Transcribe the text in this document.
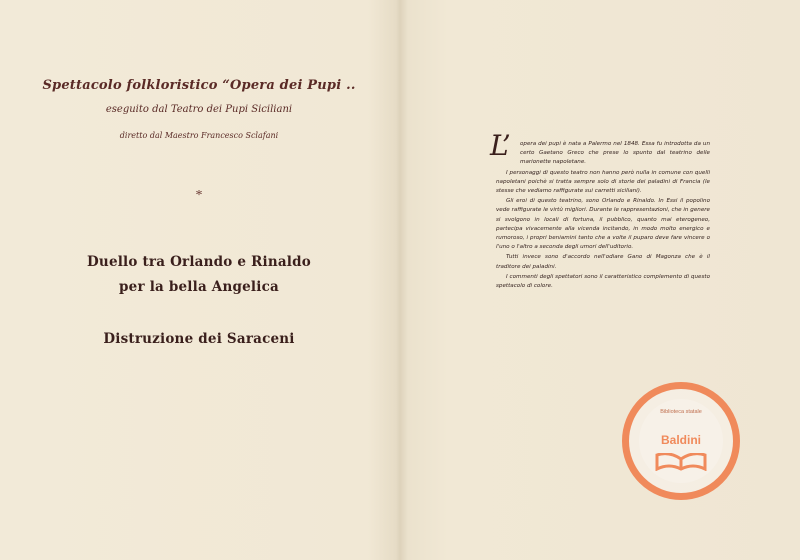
Spettacolo folkloristico “Opera dei Pupi ..
eseguito dal Teatro dei Pupi Siciliani
diretto dal Maestro Francesco Sclafani
*
Duello tra Orlando e Rinaldo
per la bella Angelica
Distruzione dei Saraceni
L’	opera dei pupi è nata a Palermo nel 1848. Essa fu introdotta da un certo Gaetano Greco che prese lo spunto dal teatrino delle marionette napoletane.

I personaggi di questo teatro non hanno però nulla in comune con quelli napoletani poichè si tratta sempre solo di storie dei paladini di Francia (le stesse che vediamo raffigurate sui carretti siciliani).

Gli eroi di questo teatrino, sono Orlando e Rinaldo. In Essi il popolino vede raffigurate le virtù migliori. Durante le rappresentazioni, che in genere si svolgono in locali di fortuna, il pubblico, quanto mai eterogeneo, partecipa vivacemente alla vicenda incitando, in modo molto energico e rumoroso, i propri beniamini tanto che a volte il puparo deve fare vincere o l'uno o l'altro a seconda degli umori dell'uditorio.

Tutti invece sono d'accordo nell'odiare Gano di Magonza che è il traditore dei paladini.

I commenti degli spettatori sono il caratteristico complemento di questo spettacolo di colore.

Biblioteca statale
Baldini
